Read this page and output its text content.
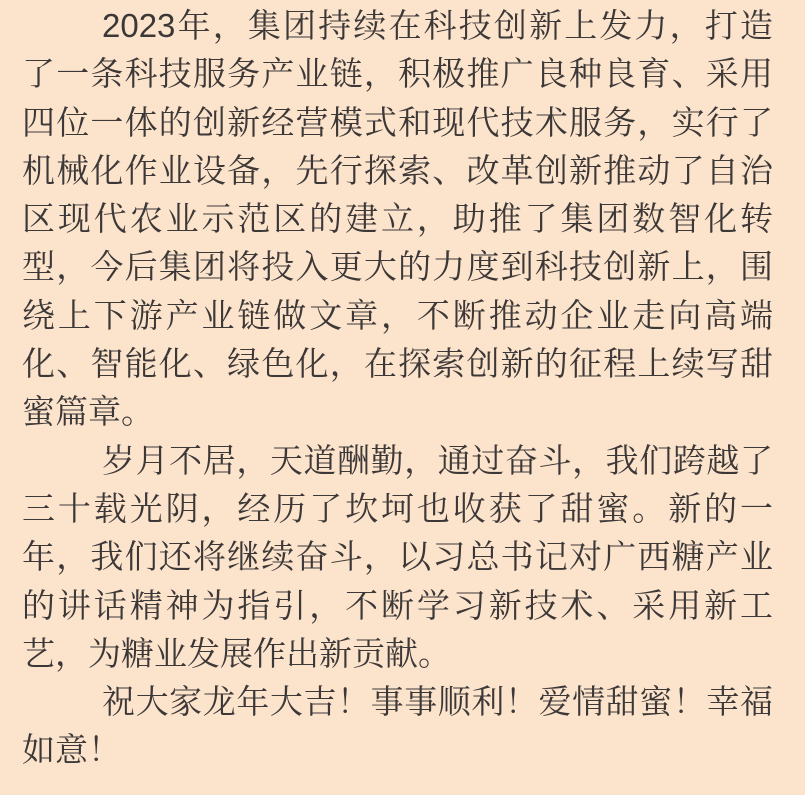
2023年，集团持续在科技创新上发力，打造
了一条科技服务产业链，积极推广良种良育、采用
四位一体的创新经营模式和现代技术服务，实行了
机械化作业设备，先行探索、改革创新推动了自治
区现代农业示范区的建立，助推了集团数智化转
型，今后集团将投入更大的力度到科技创新上，围
绕上下游产业链做文章，不断推动企业走向高端
化、智能化、绿色化，在探索创新的征程上续写甜
蜜篇章。
岁月不居，天道酬勤，通过奋斗，我们跨越了
三十载光阴，经历了坎坷也收获了甜蜜。新的一
年，我们还将继续奋斗，以习总书记对广西糖产业
的讲话精神为指引，不断学习新技术、采用新工
艺，为糖业发展作出新贡献。
祝大家龙年大吉！事事顺利！爱情甜蜜！幸福
如意！
